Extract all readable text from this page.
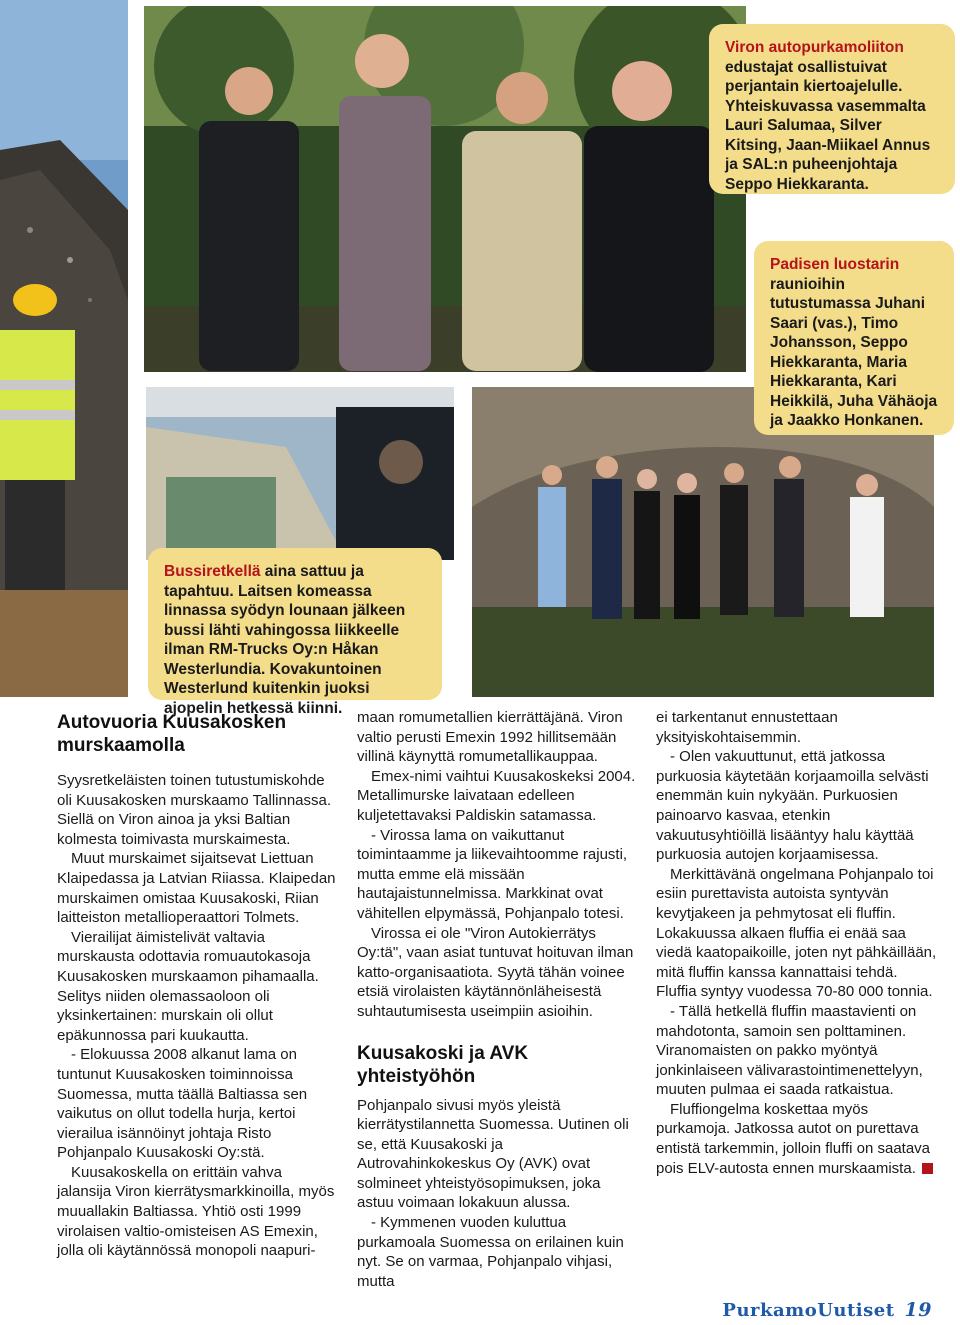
Viron autopurkamoliiton edustajat osallistuivat perjantain kiertoajelulle. Yhteiskuvassa vasemmalta Lauri Salumaa, Silver Kitsing, Jaan-Miikael Annus ja SAL:n puheenjohtaja Seppo Hiekkaranta.
Padisen luostarin raunioihin tutustumassa Juhani Saari (vas.), Timo Johansson, Seppo Hiekkaranta, Maria Hiekkaranta, Kari Heikkilä, Juha Vähäoja ja Jaakko Honkanen.
Bussiretkellä aina sattuu ja tapahtuu. Laitsen komeassa linnassa syödyn lounaan jälkeen bussi lähti vahingossa liikkeelle ilman RM-Trucks Oy:n Håkan Westerlundia. Kovakuntoinen Westerlund kuitenkin juoksi ajopelin hetkessä kiinni.
Autovuoria Kuusakosken murskaamolla

Syysretkeläisten toinen tutustumiskohde oli Kuusakosken murskaamo Tallinnassa. Siellä on Viron ainoa ja yksi Baltian kolmesta toimivasta murskaimesta.

Muut murskaimet sijaitsevat Liettuan Klaipedassa ja Latvian Riiassa. Klaipedan murskaimen omistaa Kuusakoski, Riian laitteiston metallioperaattori Tolmets.

Vierailijat äimistelivät valtavia murskausta odottavia romuautokasoja Kuusakosken murskaamon pihamaalla. Selitys niiden olemassaoloon oli yksinkertainen: murskain oli ollut epäkunnossa pari kuukautta.

- Elokuussa 2008 alkanut lama on tuntunut Kuusakosken toiminnoissa Suomessa, mutta täällä Baltiassa sen vaikutus on ollut todella hurja, kertoi vierailua isännöinyt johtaja Risto Pohjanpalo Kuusakoski Oy:stä.

Kuusakoskella on erittäin vahva jalansija Viron kierrätysmarkkinoilla, myös muuallakin Baltiassa. Yhtiö osti 1999 virolaisen valtio-omisteisen AS Emexin, jolla oli käytännössä monopoli naapuri-

maan romumetallien kierrättäjänä. Viron valtio perusti Emexin 1992 hillitsemään villinä käynyttä romumetallikauppaa.

Emex-nimi vaihtui Kuusakoskeksi 2004. Metallimurske laivataan edelleen kuljetettavaksi Paldiskin satamassa.

- Virossa lama on vaikuttanut toimintaamme ja liikevaihtoomme rajusti, mutta emme elä missään hautajaistunnelmissa. Markkinat ovat vähitellen elpymässä, Pohjanpalo totesi.

Virossa ei ole "Viron Autokierrätys Oy:tä", vaan asiat tuntuvat hoituvan ilman katto-organisaatiota. Syytä tähän voinee etsiä virolaisten käytännönläheisestä suhtautumisesta useimpiin asioihin.

Kuusakoski ja AVK yhteistyöhön

Pohjanpalo sivusi myös yleistä kierrätystilannetta Suomessa. Uutinen oli se, että Kuusakoski ja Autrovahinkokeskus Oy (AVK) ovat solmineet yhteistyösopimuksen, joka astuu voimaan lokakuun alussa.

- Kymmenen vuoden kuluttua purkamoala Suomessa on erilainen kuin nyt. Se on varmaa, Pohjanpalo vihjasi, mutta

ei tarkentanut ennustettaan yksityiskohtaisemmin.

- Olen vakuuttunut, että jatkossa purkuosia käytetään korjaamoilla selvästi enemmän kuin nykyään. Purkuosien painoarvo kasvaa, etenkin vakuutusyhtiöillä lisääntyy halu käyttää purkuosia autojen korjaamisessa.

Merkittävänä ongelmana Pohjanpalo toi esiin purettavista autoista syntyvän kevytjakeen ja pehmytosat eli fluffin. Lokakuussa alkaen fluffia ei enää saa viedä kaatopaikoille, joten nyt pähkäillään, mitä fluffin kanssa kannattaisi tehdä. Fluffia syntyy vuodessa 70-80 000 tonnia.

- Tällä hetkellä fluffin maastavienti on mahdotonta, samoin sen polttaminen. Viranomaisten on pakko myöntyä jonkinlaiseen välivarastointimenettelyyn, muuten pulmaa ei saada ratkaistua.

Fluffiongelma koskettaa myös purkamoja. Jatkossa autot on purettava entistä tarkemmin, jolloin fluffi on saatava pois ELV-autosta ennen murskaamista.

PurkamoUutiset 19
